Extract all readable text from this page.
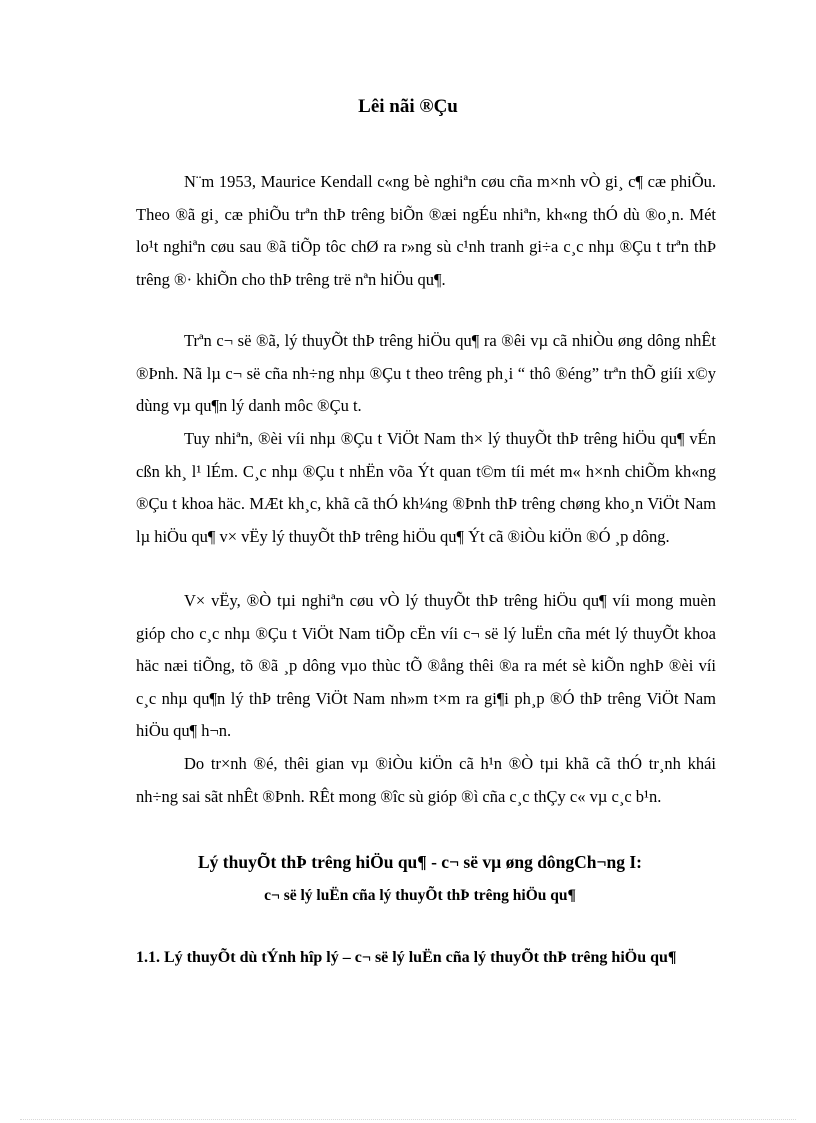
Lêi nãi ®Çu

N¨m 1953, Maurice Kendall c«ng bè nghiªn cøu cña m×nh vÒ gi¸ c¶ cæ phiÕu. Theo ®ã gi¸ cæ phiÕu trªn thÞ trêng biÕn ®æi ngÉu nhiªn, kh«ng thÓ dù ®o¸n. Mét lo¹t nghiªn cøu sau ®ã tiÕp tôc chØ ra r»ng sù c¹nh tranh gi÷a c¸c nhµ ®Çu t trªn thÞ trêng ®· khiÕn cho thÞ trêng trë nªn hiÖu qu¶.

Trªn c¬ së ®ã, lý thuyÕt thÞ trêng hiÖu qu¶ ra ®êi vµ cã nhiÒu øng dông nhÊt ®Þnh. Nã lµ c¬ së cña nh÷ng nhµ ®Çu t theo trêng ph¸i “ thô ®éng” trªn thÕ giíi x©y dùng vµ qu¶n lý danh môc ®Çu t.

Tuy nhiªn, ®èi víi nhµ ®Çu t ViÖt Nam th× lý thuyÕt thÞ trêng hiÖu qu¶ vÉn cßn kh¸ l¹ lÉm. C¸c nhµ ®Çu t nhËn võa Ýt quan t©m tíi mét m« h×nh chiÕm kh«ng ®Çu t khoa häc. MÆt kh¸c, khã cã thÓ kh¼ng ®Þnh thÞ trêng chøng kho¸n ViÖt Nam lµ hiÖu qu¶ v× vËy lý thuyÕt thÞ trêng hiÖu qu¶ Ýt cã ®iÒu kiÖn ®Ó ¸p dông.

V× vËy, ®Ò tµi nghiªn cøu vÒ lý thuyÕt thÞ trêng hiÖu qu¶ víi mong muèn gióp cho c¸c nhµ ®Çu t ViÖt Nam tiÕp cËn víi c¬ së lý luËn cña mét lý thuyÕt khoa häc næi tiÕng, tõ ®ã ¸p dông vµo thùc tÕ ®ång thêi ®a ra mét sè kiÕn nghÞ ®èi víi c¸c nhµ qu¶n lý thÞ trêng ViÖt Nam nh»m t×m ra gi¶i ph¸p ®Ó thÞ trêng ViÖt Nam hiÖu qu¶ h¬n.

Do tr×nh ®é, thêi gian vµ ®iÒu kiÖn cã h¹n ®Ò tµi khã cã thÓ tr¸nh khái nh÷ng sai sãt nhÊt ®Þnh. RÊt mong ®îc sù gióp ®ì cña c¸c thÇy c« vµ c¸c b¹n.

Lý thuyÕt thÞ trêng hiÖu qu¶ - c¬ së vµ øng dôngCh¬ng I:

c¬ së lý luËn cña lý thuyÕt thÞ trêng hiÖu qu¶

1.1. Lý thuyÕt dù tÝnh hîp lý – c¬ së lý luËn cña lý thuyÕt thÞ trêng hiÖu qu¶
